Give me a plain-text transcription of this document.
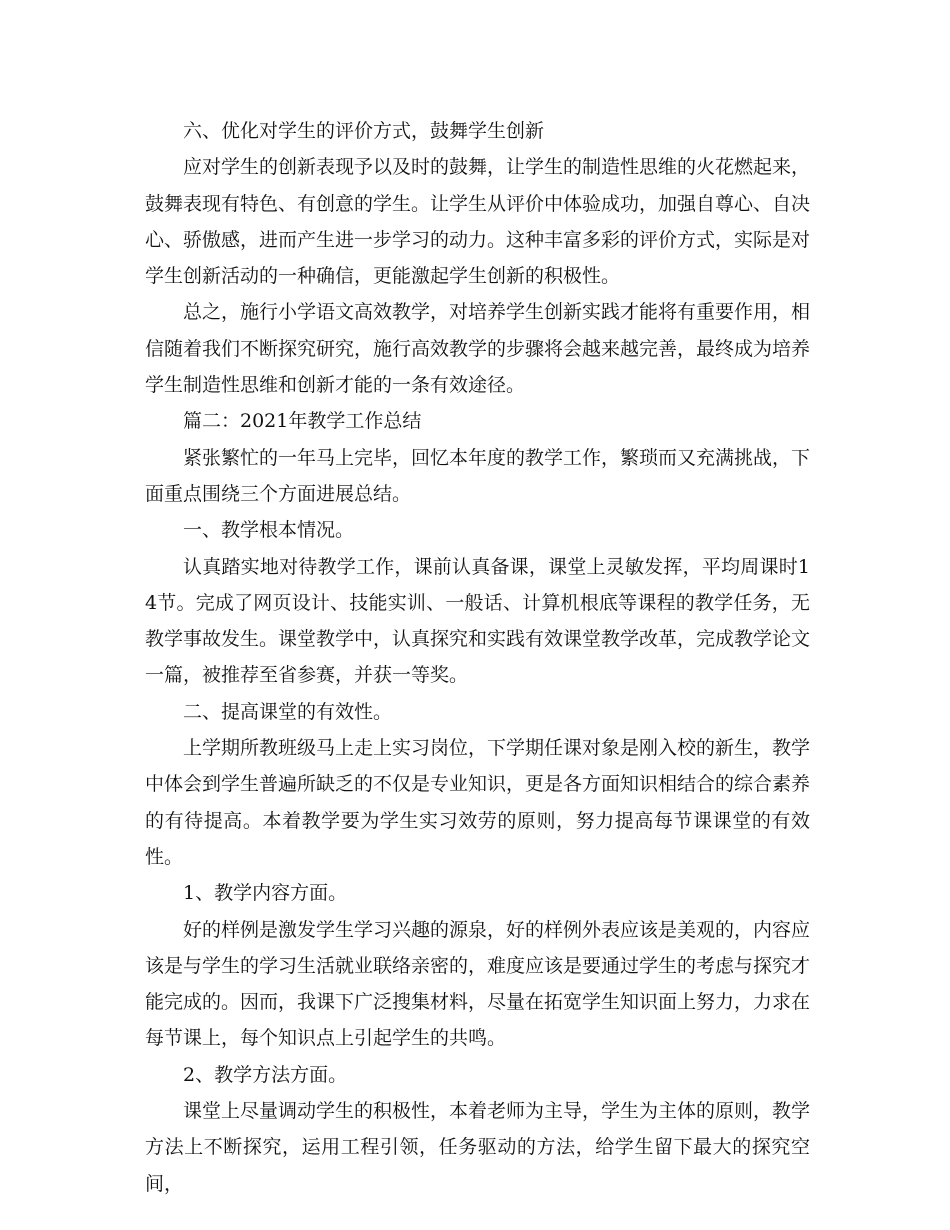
六、优化对学生的评价方式，鼓舞学生创新

应对学生的创新表现予以及时的鼓舞，让学生的制造性思维的火花燃起来，鼓舞表现有特色、有创意的学生。让学生从评价中体验成功，加强自尊心、自决心、骄傲感，进而产生进一步学习的动力。这种丰富多彩的评价方式，实际是对学生创新活动的一种确信，更能激起学生创新的积极性。

总之，施行小学语文高效教学，对培养学生创新实践才能将有重要作用，相信随着我们不断探究研究，施行高效教学的步骤将会越来越完善，最终成为培养学生制造性思维和创新才能的一条有效途径。

篇二：2021年教学工作总结

紧张繁忙的一年马上完毕，回忆本年度的教学工作，繁琐而又充满挑战，下面重点围绕三个方面进展总结。

一、教学根本情况。

认真踏实地对待教学工作，课前认真备课，课堂上灵敏发挥，平均周课时14节。完成了网页设计、技能实训、一般话、计算机根底等课程的教学任务，无教学事故发生。课堂教学中，认真探究和实践有效课堂教学改革，完成教学论文一篇，被推荐至省参赛，并获一等奖。

二、提高课堂的有效性。

上学期所教班级马上走上实习岗位，下学期任课对象是刚入校的新生，教学中体会到学生普遍所缺乏的不仅是专业知识，更是各方面知识相结合的综合素养的有待提高。本着教学要为学生实习效劳的原则，努力提高每节课课堂的有效性。

1、教学内容方面。

好的样例是激发学生学习兴趣的源泉，好的样例外表应该是美观的，内容应该是与学生的学习生活就业联络亲密的，难度应该是要通过学生的考虑与探究才能完成的。因而，我课下广泛搜集材料，尽量在拓宽学生知识面上努力，力求在每节课上，每个知识点上引起学生的共鸣。

2、教学方法方面。

课堂上尽量调动学生的积极性，本着老师为主导，学生为主体的原则，教学方法上不断探究，运用工程引领，任务驱动的方法，给学生留下最大的探究空间，
